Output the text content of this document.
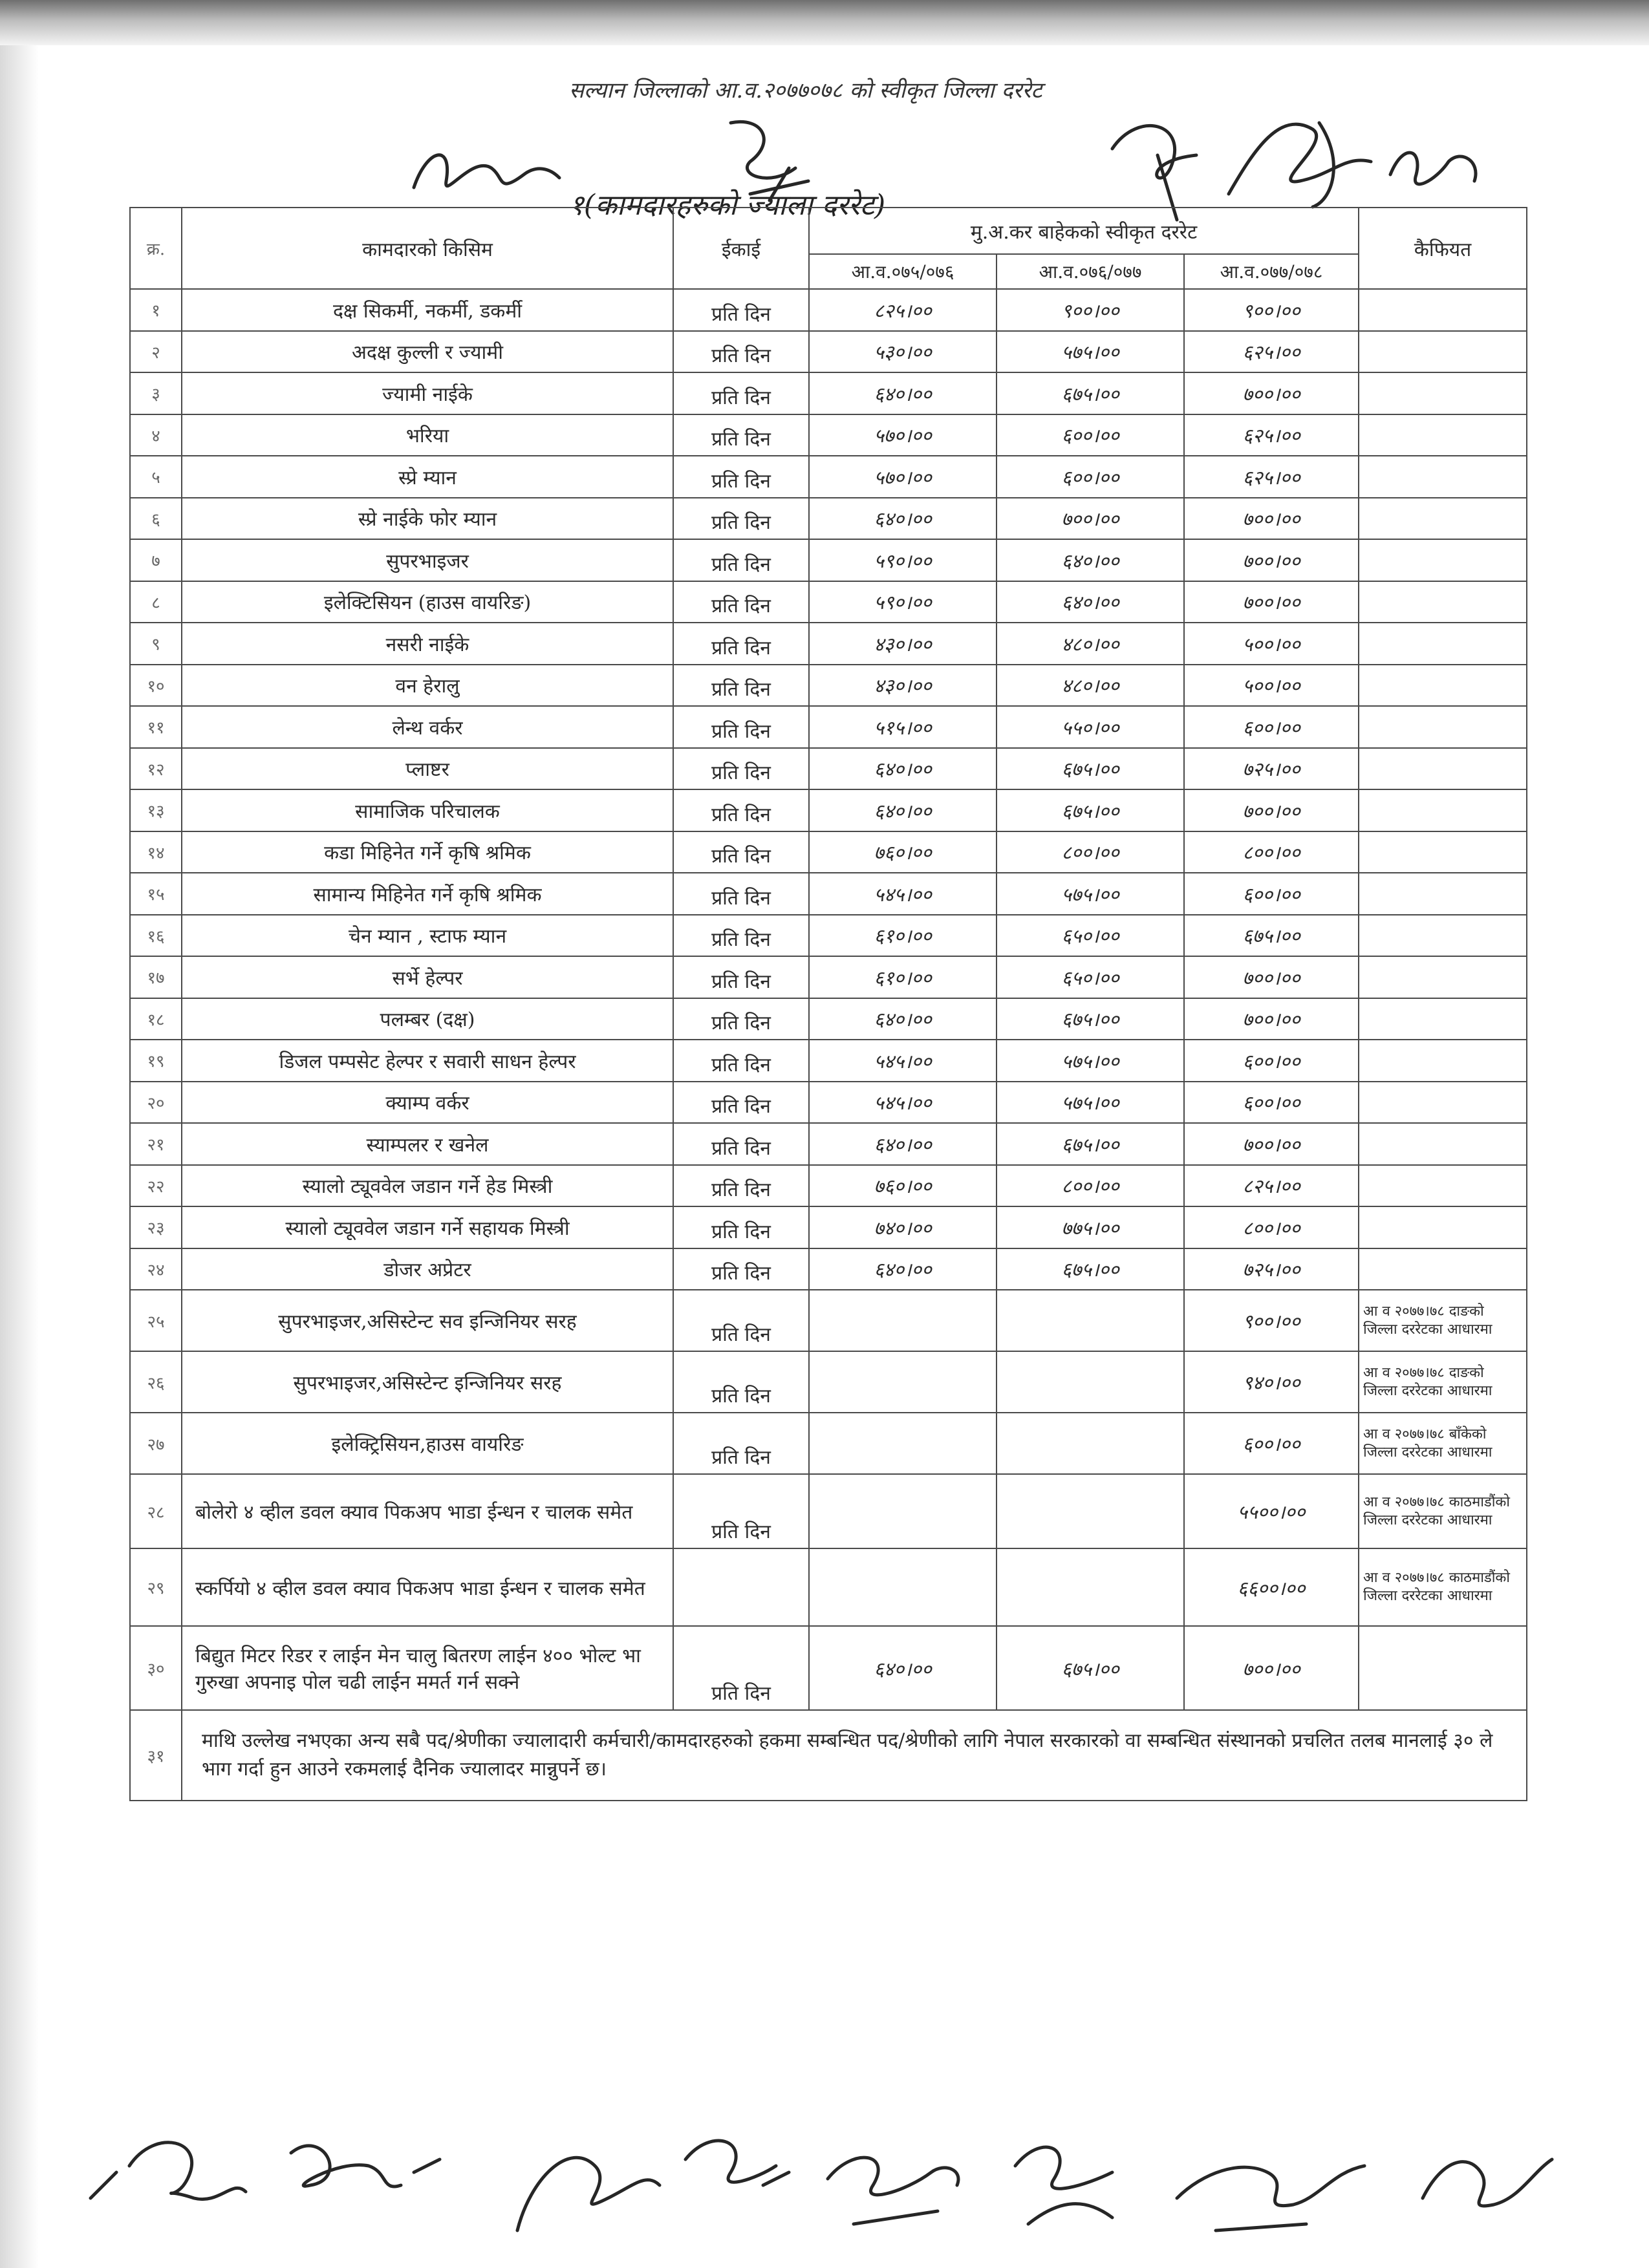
सल्यान जिल्लाको आ.व.२०७७०७८ को स्वीकृत जिल्ला दररेट
१(कामदारहरुको ज्याला दररेट)
क्र.	कामदारको किसिम	ईकाई	मु.अ.कर बाहेकको स्वीकृत दररेट			कैफियत
			आ.व.०७५/०७६	आ.व.०७६/०७७	आ.व.०७७/०७८	
१	दक्ष सिकर्मी, नकर्मी, डकर्मी	प्रति दिन	८२५।००	९००।००	९००।००	
२	अदक्ष कुल्ली र ज्यामी	प्रति दिन	५३०।००	५७५।००	६२५।००	
३	ज्यामी नाईके	प्रति दिन	६४०।००	६७५।००	७००।००	
४	भरिया	प्रति दिन	५७०।००	६००।००	६२५।००	
५	स्प्रे म्यान	प्रति दिन	५७०।००	६००।००	६२५।००	
६	स्प्रे नाईके फोर म्यान	प्रति दिन	६४०।००	७००।००	७००।००	
७	सुपरभाइजर	प्रति दिन	५९०।००	६४०।००	७००।००	
८	इलेक्टिसियन (हाउस वायरिङ)	प्रति दिन	५९०।००	६४०।००	७००।००	
९	नसरी नाईके	प्रति दिन	४३०।००	४८०।००	५००।००	
१०	वन हेरालु	प्रति दिन	४३०।००	४८०।००	५००।००	
११	लेन्थ वर्कर	प्रति दिन	५१५।००	५५०।००	६००।००	
१२	प्लाष्टर	प्रति दिन	६४०।००	६७५।००	७२५।००	
१३	सामाजिक परिचालक	प्रति दिन	६४०।००	६७५।००	७००।००	
१४	कडा मिहिनेत गर्ने कृषि श्रमिक	प्रति दिन	७६०।००	८००।००	८००।००	
१५	सामान्य मिहिनेत गर्ने कृषि श्रमिक	प्रति दिन	५४५।००	५७५।००	६००।००	
१६	चेन म्यान , स्टाफ म्यान	प्रति दिन	६१०।००	६५०।००	६७५।००	
१७	सर्भे हेल्पर	प्रति दिन	६१०।००	६५०।००	७००।००	
१८	पलम्बर (दक्ष)	प्रति दिन	६४०।००	६७५।००	७००।००	
१९	डिजल पम्पसेट हेल्पर र सवारी साधन हेल्पर	प्रति दिन	५४५।००	५७५।००	६००।००	
२०	क्याम्प वर्कर	प्रति दिन	५४५।००	५७५।००	६००।००	
२१	स्याम्पलर र खनेल	प्रति दिन	६४०।००	६७५।००	७००।००	
२२	स्यालो ट्यूववेल जडान गर्ने हेड मिस्त्री	प्रति दिन	७६०।००	८००।००	८२५।००	
२३	स्यालो ट्यूववेल जडान गर्ने सहायक मिस्त्री	प्रति दिन	७४०।००	७७५।००	८००।००	
२४	डोजर अप्रेटर	प्रति दिन	६४०।००	६७५।००	७२५।००	
२५	सुपरभाइजर,असिस्टेन्ट सव इन्जिनियर सरह	प्रति दिन			९००।००	आ व २०७७।७८ दाङको जिल्ला दररेटका आधारमा
२६	सुपरभाइजर,असिस्टेन्ट इन्जिनियर सरह	प्रति दिन			९४०।००	आ व २०७७।७८ दाङको जिल्ला दररेटका आधारमा
२७	इलेक्ट्रिसियन,हाउस वायरिङ	प्रति दिन			६००।००	आ व २०७७।७८ बाँकेको जिल्ला दररेटका आधारमा
२८	बोलेरो ४ व्हील डवल क्याव पिकअप भाडा ईन्धन र चालक समेत	प्रति दिन			५५००।००	आ व २०७७।७८ काठमाडौंको जिल्ला दररेटका आधारमा
२९	स्कर्पियो ४ व्हील डवल क्याव पिकअप भाडा ईन्धन र चालक समेत				६६००।००	आ व २०७७।७८ काठमाडौंको जिल्ला दररेटका आधारमा
३०	बिद्युत मिटर रिडर र लाईन मेन चालु बितरण लाईन ४०० भोल्ट भा गुरुखा अपनाइ पोल चढी लाईन ममर्त गर्न सक्ने	प्रति दिन	६४०।००	६७५।००	७००।००	
३१	माथि उल्लेख नभएका अन्य सबै पद/श्रेणीका ज्यालादारी कर्मचारी/कामदारहरुको हकमा सम्बन्धित पद/श्रेणीको लागि नेपाल सरकारको वा सम्बन्धित संस्थानको प्रचलित तलब मानलाई ३० ले भाग गर्दा हुन आउने रकमलाई दैनिक ज्यालादर मान्नुपर्ने छ।					
